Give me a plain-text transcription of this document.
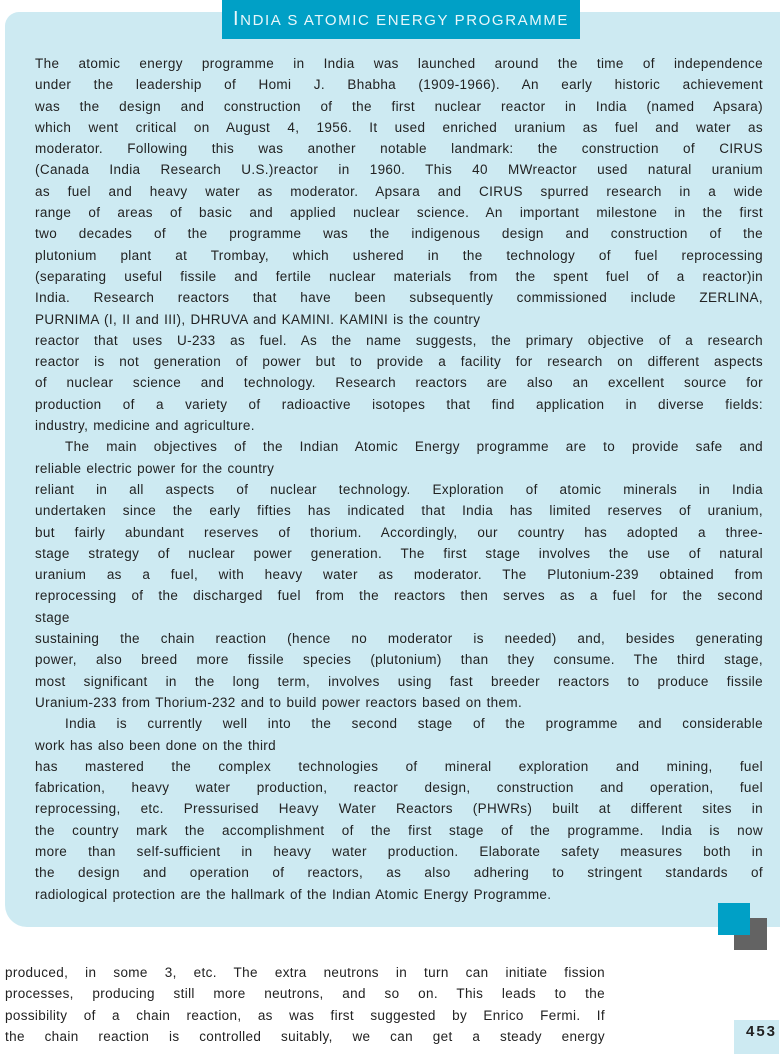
INDIA S ATOMIC ENERGY PROGRAMME
The atomic energy programme in India was launched around the time of independence
under the leadership of Homi J. Bhabha (1909-1966). An early historic achievement
was the design and construction of the first nuclear reactor in India (named Apsara)
which went critical on August 4, 1956. It used enriched uranium as fuel and water as
moderator. Following this was another notable landmark: the construction of CIRUS
(Canada India Research U.S.)reactor in 1960. This 40 MWreactor used natural uranium
as fuel and heavy water as moderator. Apsara and CIRUS spurred research in a wide
range of areas of basic and applied nuclear science. An important milestone in the first
two decades of the programme was the indigenous design and construction of the
plutonium plant at Trombay, which ushered in the technology of fuel reprocessing
(separating useful fissile and fertile nuclear materials from the spent fuel of a reactor)in
India. Research reactors that have been subsequently commissioned include ZERLINA,
PURNIMA (I, II and III), DHRUVA and KAMINI. KAMINI is the country
reactor that uses U-233 as fuel. As the name suggests, the primary objective of a research
reactor is not generation of power but to provide a facility for research on different aspects
of nuclear science and technology. Research reactors are also an excellent source for
production of a variety of radioactive isotopes that find application in diverse fields:
industry, medicine and agriculture.
The main objectives of the Indian Atomic Energy programme are to provide safe and
reliable electric power for the country
reliant in all aspects of nuclear technology. Exploration of atomic minerals in India
undertaken since the early fifties has indicated that India has limited reserves of uranium,
but fairly abundant reserves of thorium. Accordingly, our country has adopted a three-
stage strategy of nuclear power generation. The first stage involves the use of natural
uranium as a fuel, with heavy water as moderator. The Plutonium-239 obtained from
reprocessing of the discharged fuel from the reactors then serves as a fuel for the second
stage
sustaining the chain reaction (hence no moderator is needed) and, besides generating
power, also breed more fissile species (plutonium) than they consume. The third stage,
most significant in the long term, involves using fast breeder reactors to produce fissile
Uranium-233 from Thorium-232 and to build power reactors based on them.
India is currently well into the second stage of the programme and considerable
work has also been done on the third
has mastered the complex technologies of mineral exploration and mining, fuel
fabrication, heavy water production, reactor design, construction and operation, fuel
reprocessing, etc. Pressurised Heavy Water Reactors (PHWRs) built at different sites in
the country mark the accomplishment of the first stage of the programme. India is now
more than self-sufficient in heavy water production. Elaborate safety measures both in
the design and operation of reactors, as also adhering to stringent standards of
radiological protection are the hallmark of the Indian Atomic Energy Programme.
produced, in some 3, etc. The extra neutrons in turn can initiate fission
processes, producing still more neutrons, and so on. This leads to the
possibility of a chain reaction, as was first suggested by Enrico Fermi. If
the chain reaction is controlled suitably, we can get a steady energy	453
